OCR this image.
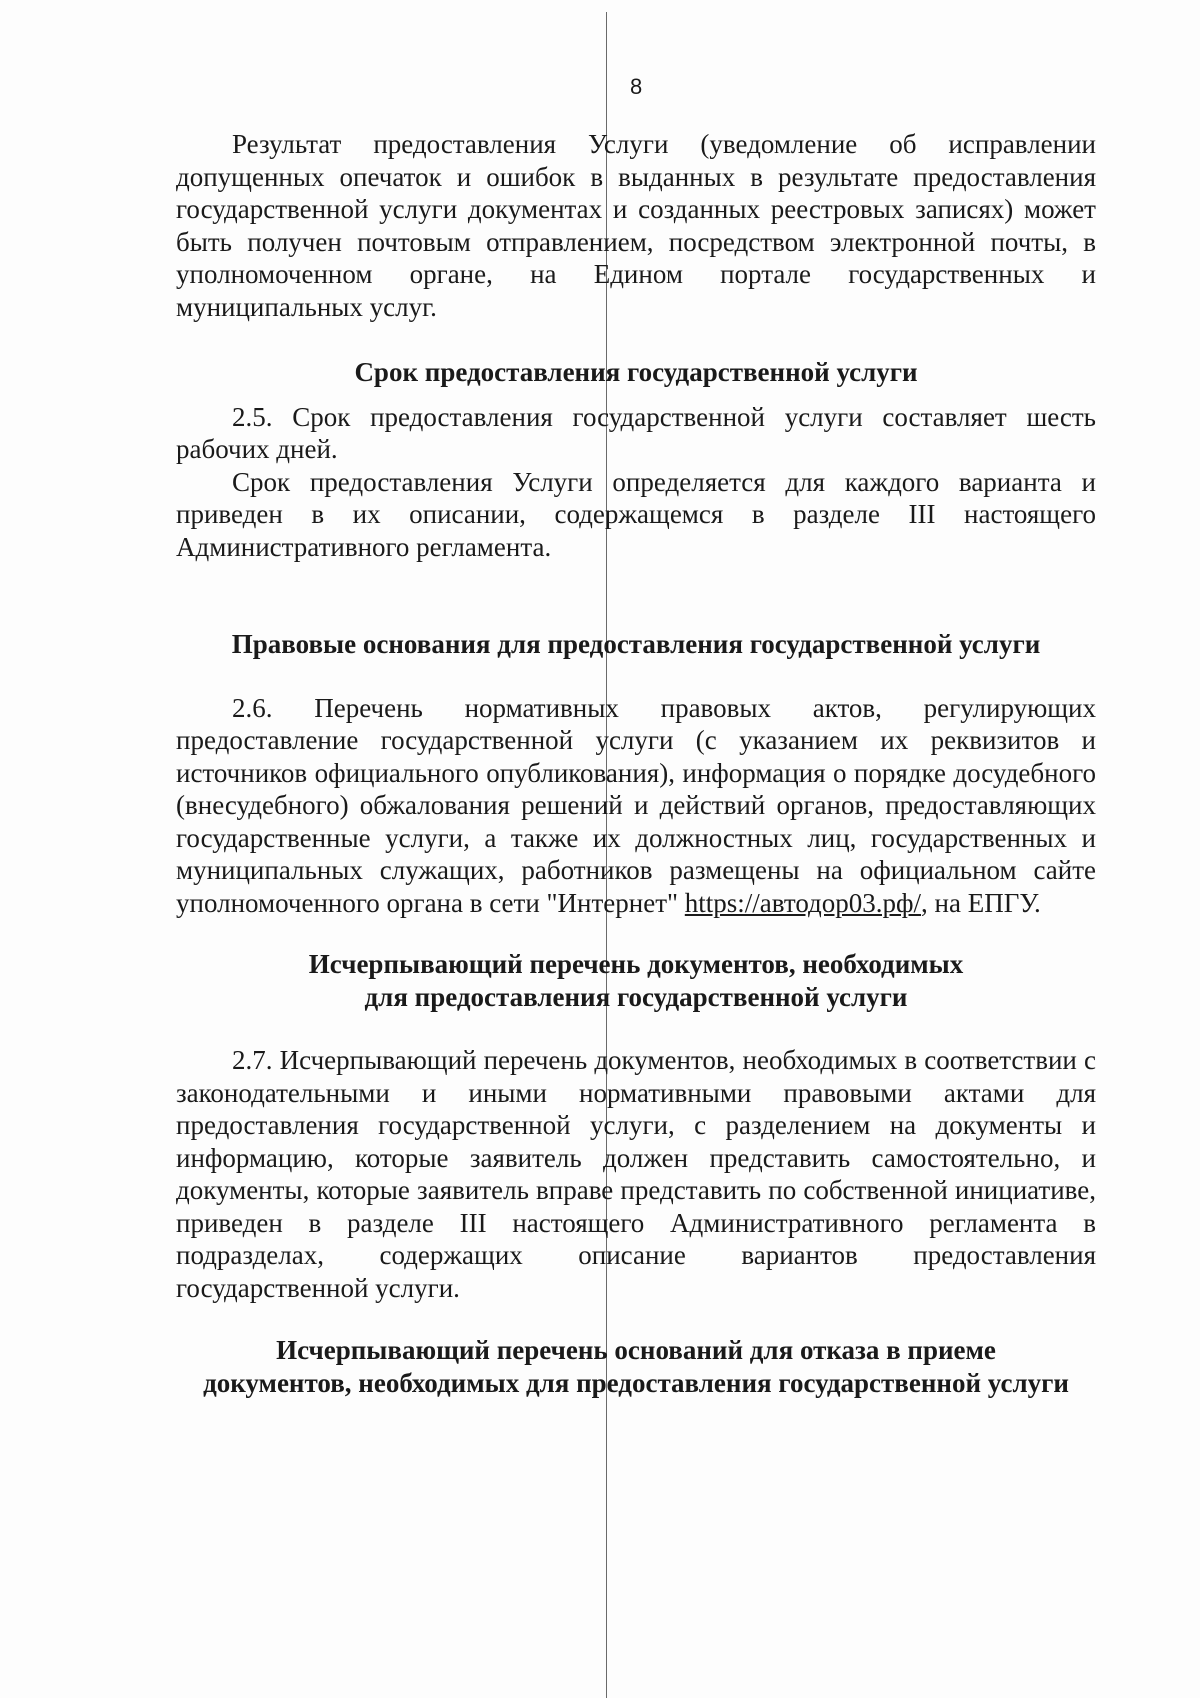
8

Результат предоставления Услуги (уведомление об исправлении допущенных опечаток и ошибок в выданных в результате предоставления государственной услуги документах и созданных реестровых записях) может быть получен почтовым отправлением, посредством электронной почты, в уполномоченном органе, на Едином портале государственных и муниципальных услуг.

Срок предоставления государственной услуги

2.5. Срок предоставления государственной услуги составляет шесть рабочих дней.

Срок предоставления Услуги определяется для каждого варианта и приведен в их описании, содержащемся в разделе III настоящего Административного регламента.

Правовые основания для предоставления государственной услуги

2.6. Перечень нормативных правовых актов, регулирующих предоставление государственной услуги (с указанием их реквизитов и источников официального опубликования), информация о порядке досудебного (внесудебного) обжалования решений и действий органов, предоставляющих государственные услуги, а также их должностных лиц, государственных и муниципальных служащих, работников размещены на официальном сайте уполномоченного органа в сети "Интернет" https://автодор03.рф/, на ЕПГУ.

Исчерпывающий перечень документов, необходимых
для предоставления государственной услуги

2.7. Исчерпывающий перечень документов, необходимых в соответствии с законодательными и иными нормативными правовыми актами для предоставления государственной услуги, с разделением на документы и информацию, которые заявитель должен представить самостоятельно, и документы, которые заявитель вправе представить по собственной инициативе, приведен в разделе III настоящего Административного регламента в подразделах, содержащих описание вариантов предоставления государственной услуги.

Исчерпывающий перечень оснований для отказа в приеме
документов, необходимых для предоставления государственной услуги
